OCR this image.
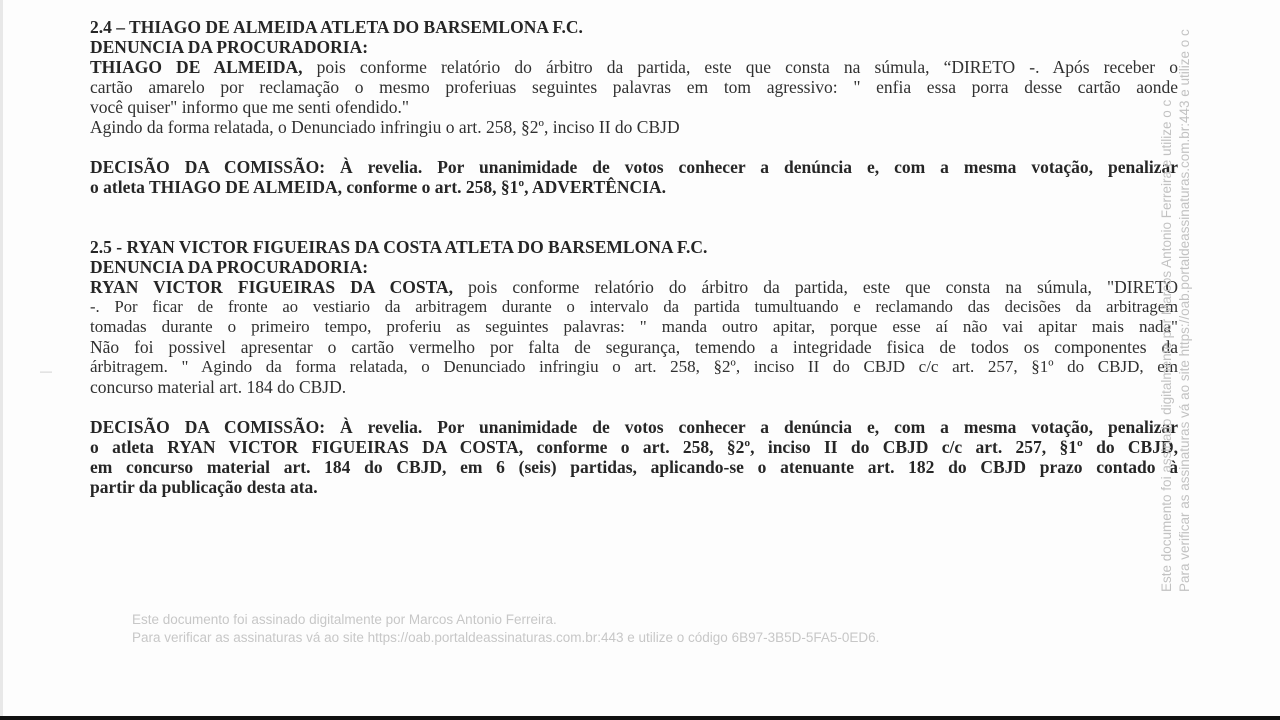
—
2.4 – THIAGO DE ALMEIDA ATLETA DO BARSEMLONA F.C.
DENUNCIA DA PROCURADORIA:
THIAGO DE ALMEIDA, pois conforme relatório do árbitro da partida, este que consta na súmula, “DIRETO -. Após receber o
cartão amarelo por reclamação o mesmo proferiuas seguintes palavras em tom agressivo: " enfia essa porra desse cartão aonde
você quiser" informo que me senti ofendido."
Agindo da forma relatada, o Denunciado infringiu o art. 258, §2º, inciso II do CBJD
DECISÃO DA COMISSÃO: À revelia. Por unanimidade de votos conhecer a denúncia e, com a mesma votação, penalizar
o atleta THIAGO DE ALMEIDA, conforme o art. 258, §1º, ADVERTÊNCIA.
2.5 - RYAN VICTOR FIGUEIRAS DA COSTA ATLETA DO BARSEMLONA F.C.
DENUNCIA DA PROCURADORIA:
RYAN VICTOR FIGUEIRAS DA COSTA, pois conforme relatório do árbitro da partida, este que consta na súmula, "DIRETO
-. Por ficar de fronte ao vestiario da arbitragem durante o intervalo da partida tumultuando e reclamando das decisões da arbitragem
tomadas durante o primeiro tempo, proferiu as seguintes palavras: " manda outro apitar, porque esse aí não vai apitar mais nada"
Não foi possivel apresentar o cartão vermelho por falta de segurança, temendo a integridade fisica de todos os componentes da
árbitragem. " Agindo da forma relatada, o Denunciado infringiu o art. 258, §2º, inciso II do CBJD c/c art. 257, §1º do CBJD, em
concurso material art. 184 do CBJD.
DECISÃO DA COMISSÃO: À revelia. Por unanimidade de votos conhecer a denúncia e, com a mesma votação, penalizar
o atleta RYAN VICTOR FIGUEIRAS DA COSTA, conforme o art. 258, §2º, inciso II do CBJD c/c art. 257, §1º do CBJD,
em concurso material art. 184 do CBJD, em 6 (seis) partidas, aplicando-se o atenuante art. 182 do CBJD prazo contado à
partir da publicação desta ata.	Este documento foi assinado digitalmente por Marcos Antonio Ferreira e utilize o c Para verificar as assinaturas vá ao site https://oab.portaldeassinaturas.com.br:443 e utilize o c
Este documento foi assinado digitalmente por Marcos Antonio Ferreira.
Para verificar as assinaturas vá ao site https://oab.portaldeassinaturas.com.br:443 e utilize o código 6B97-3B5D-5FA5-0ED6.
